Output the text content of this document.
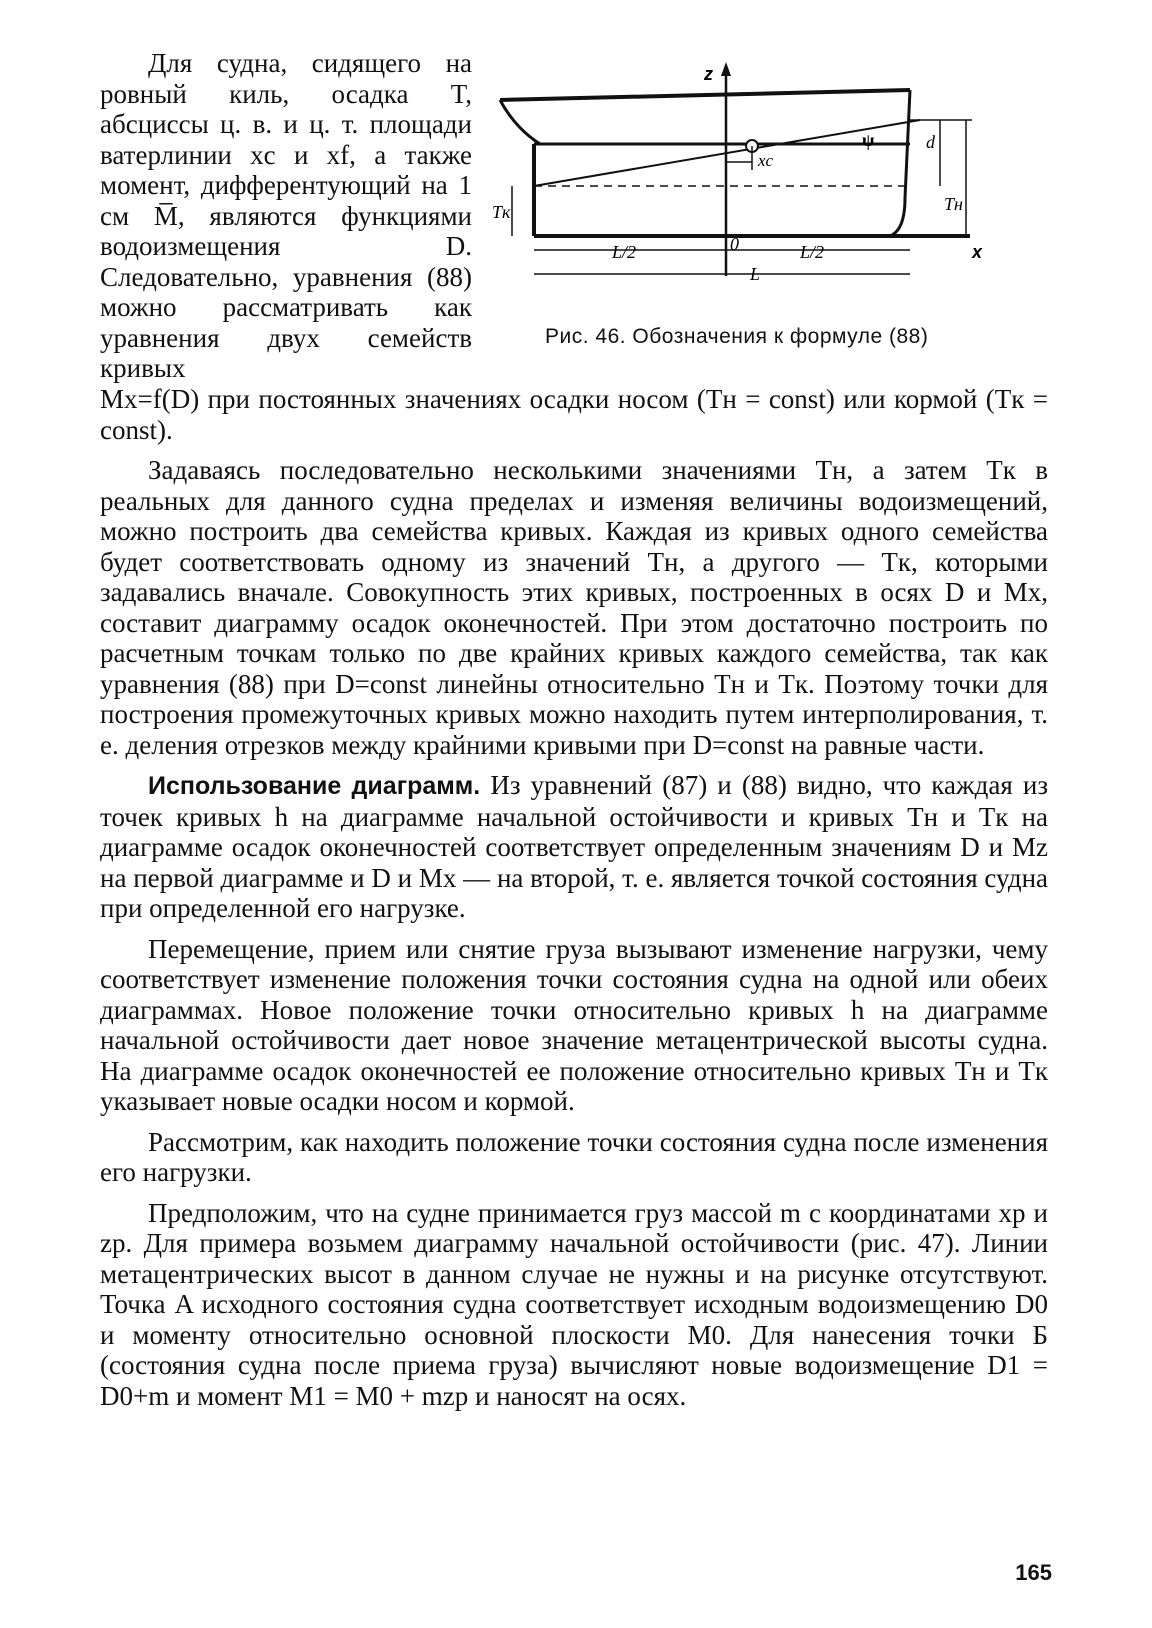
Для судна, сидящего на ровный киль, осадка T, абсциссы ц. в. и ц. т. площади ватерлинии xc и xf, а также момент, дифферентующий на 1 см M̅, являются функциями водоизмещения D. Следовательно, уравнения (88) можно рассматривать как уравнения двух семейств кривых
z
xc
ψ	d
Tн
Tк
L/2	L/2
L
0	x
Рис. 46. Обозначения к формуле (88)

Mx=f(D) при постоянных значениях осадки носом (Tн = const) или кормой (Tк = const).

Задаваясь последовательно несколькими значениями Tн, а затем Tк в реальных для данного судна пределах и изменяя величины водоизмещений, можно построить два семейства кривых. Каждая из кривых одного семейства будет соответствовать одному из значений Tн, а другого — Tк, которыми задавались вначале. Совокупность этих кривых, построенных в осях D и Mx, составит диаграмму осадок оконечностей. При этом достаточно построить по расчетным точкам только по две крайних кривых каждого семейства, так как уравнения (88) при D=const линейны относительно Tн и Tк. Поэтому точки для построения промежуточных кривых можно находить путем интерполирования, т. е. деления отрезков между крайними кривыми при D=const на равные части.

Использование диаграмм. Из уравнений (87) и (88) видно, что каждая из точек кривых h на диаграмме начальной остойчивости и кривых Tн и Tк на диаграмме осадок оконечностей соответствует определенным значениям D и Mz на первой диаграмме и D и Mx — на второй, т. е. является точкой состояния судна при определенной его нагрузке.

Перемещение, прием или снятие груза вызывают изменение нагрузки, чему соответствует изменение положения точки состояния судна на одной или обеих диаграммах. Новое положение точки относительно кривых h на диаграмме начальной остойчивости дает новое значение метацентрической высоты судна. На диаграмме осадок оконечностей ее положение относительно кривых Tн и Tк указывает новые осадки носом и кормой.

Рассмотрим, как находить положение точки состояния судна после изменения его нагрузки.

Предположим, что на судне принимается груз массой m с координатами xp и zp. Для примера возьмем диаграмму начальной остойчивости (рис. 47). Линии метацентрических высот в данном случае не нужны и на рисунке отсутствуют. Точка A исходного состояния судна соответствует исходным водоизмещению D0 и моменту относительно основной плоскости M0. Для нанесения точки Б (состояния судна после приема груза) вычисляют новые водоизмещение D1 = D0+m и момент M1 = M0 + mzp и наносят на осях.

165
